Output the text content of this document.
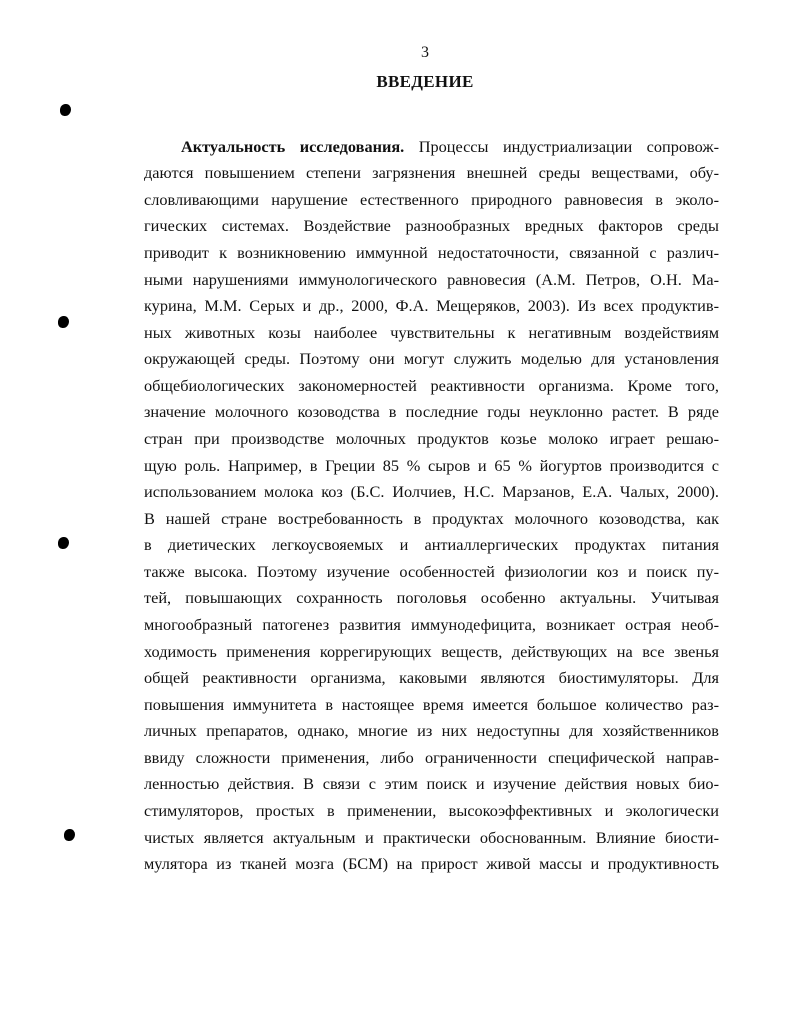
3
ВВЕДЕНИЕ
Актуальность исследования. Процессы индустриализации сопровож-
даются повышением степени загрязнения внешней среды веществами, обу-
словливающими нарушение естественного природного равновесия в эколо-
гических системах. Воздействие разнообразных вредных факторов среды
приводит к возникновению иммунной недостаточности, связанной с различ-
ными нарушениями иммунологического равновесия (А.М. Петров, О.Н. Ма-
курина, М.М. Серых и др., 2000, Ф.А. Мещеряков, 2003). Из всех продуктив-
ных животных козы наиболее чувствительны к негативным воздействиям
окружающей среды. Поэтому они могут служить моделью для установления
общебиологических закономерностей реактивности организма. Кроме того,
значение молочного козоводства в последние годы неуклонно растет. В ряде
стран при производстве молочных продуктов козье молоко играет решаю-
щую роль. Например, в Греции 85 % сыров и 65 % йогуртов производится с
использованием молока коз (Б.С. Иолчиев, Н.С. Марзанов, Е.А. Чалых, 2000).
В нашей стране востребованность в продуктах молочного козоводства, как
в диетических легкоусвояемых и антиаллергических продуктах питания
также высока. Поэтому изучение особенностей физиологии коз и поиск пу-
тей, повышающих сохранность поголовья особенно актуальны. Учитывая
многообразный патогенез развития иммунодефицита, возникает острая необ-
ходимость применения коррегирующих веществ, действующих на все звенья
общей реактивности организма, каковыми являются биостимуляторы. Для
повышения иммунитета в настоящее время имеется большое количество раз-
личных препаратов, однако, многие из них недоступны для хозяйственников
ввиду сложности применения, либо ограниченности специфической направ-
ленностью действия. В связи с этим поиск и изучение действия новых био-
стимуляторов, простых в применении, высокоэффективных и экологически
чистых является актуальным и практически обоснованным. Влияние биости-
мулятора из тканей мозга (БСМ) на прирост живой массы и продуктивность
